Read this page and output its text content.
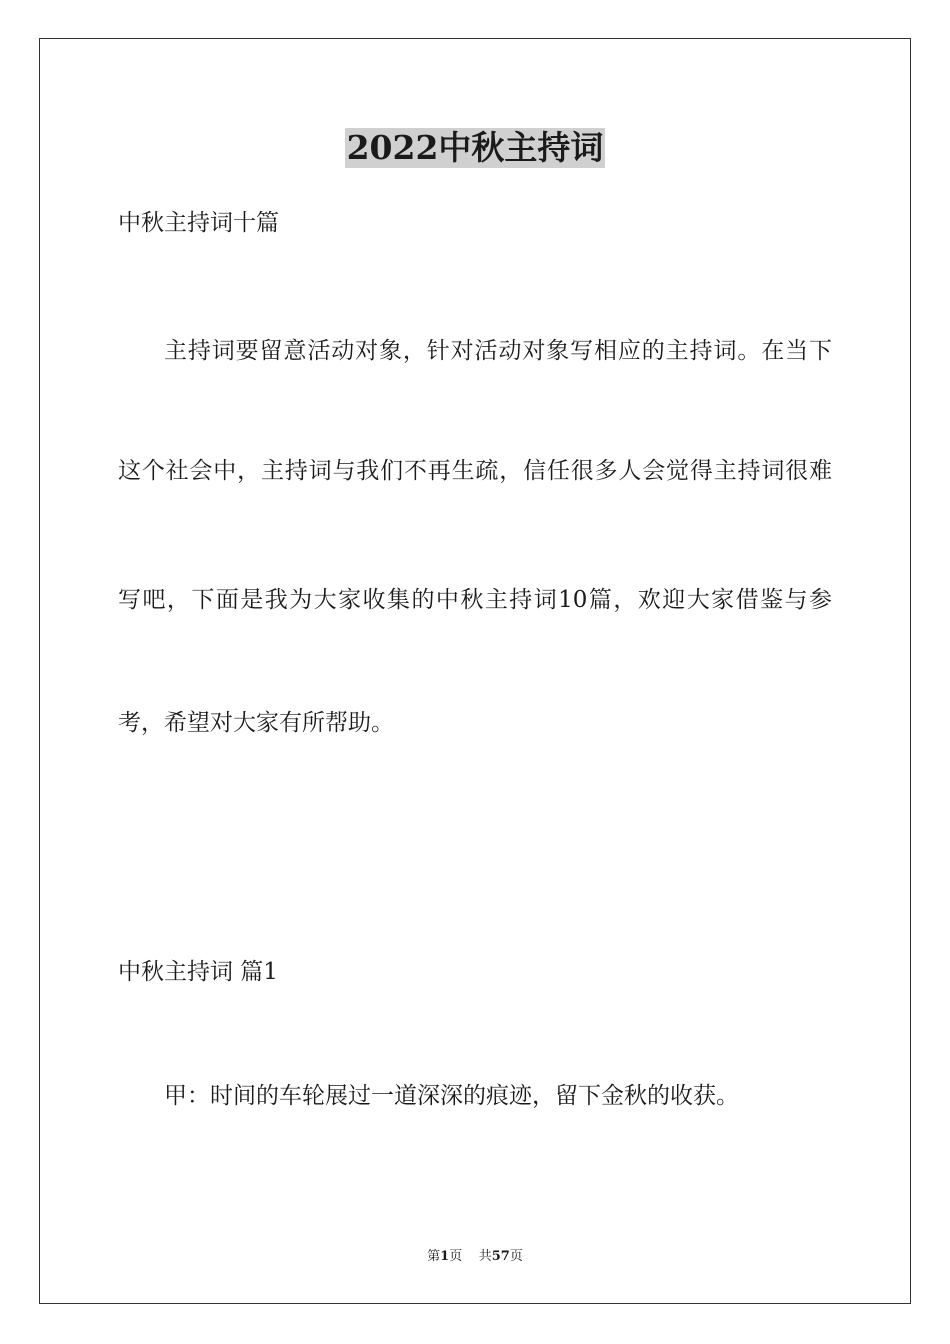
2022中秋主持词
中秋主持词十篇
主持词要留意活动对象，针对活动对象写相应的主持词。在当下
这个社会中，主持词与我们不再生疏，信任很多人会觉得主持词很难
写吧，下面是我为大家收集的中秋主持词10篇，欢迎大家借鉴与参
考，希望对大家有所帮助。
中秋主持词 篇1
甲：时间的车轮展过一道深深的痕迹，留下金秋的收获。
第1页 共57页
